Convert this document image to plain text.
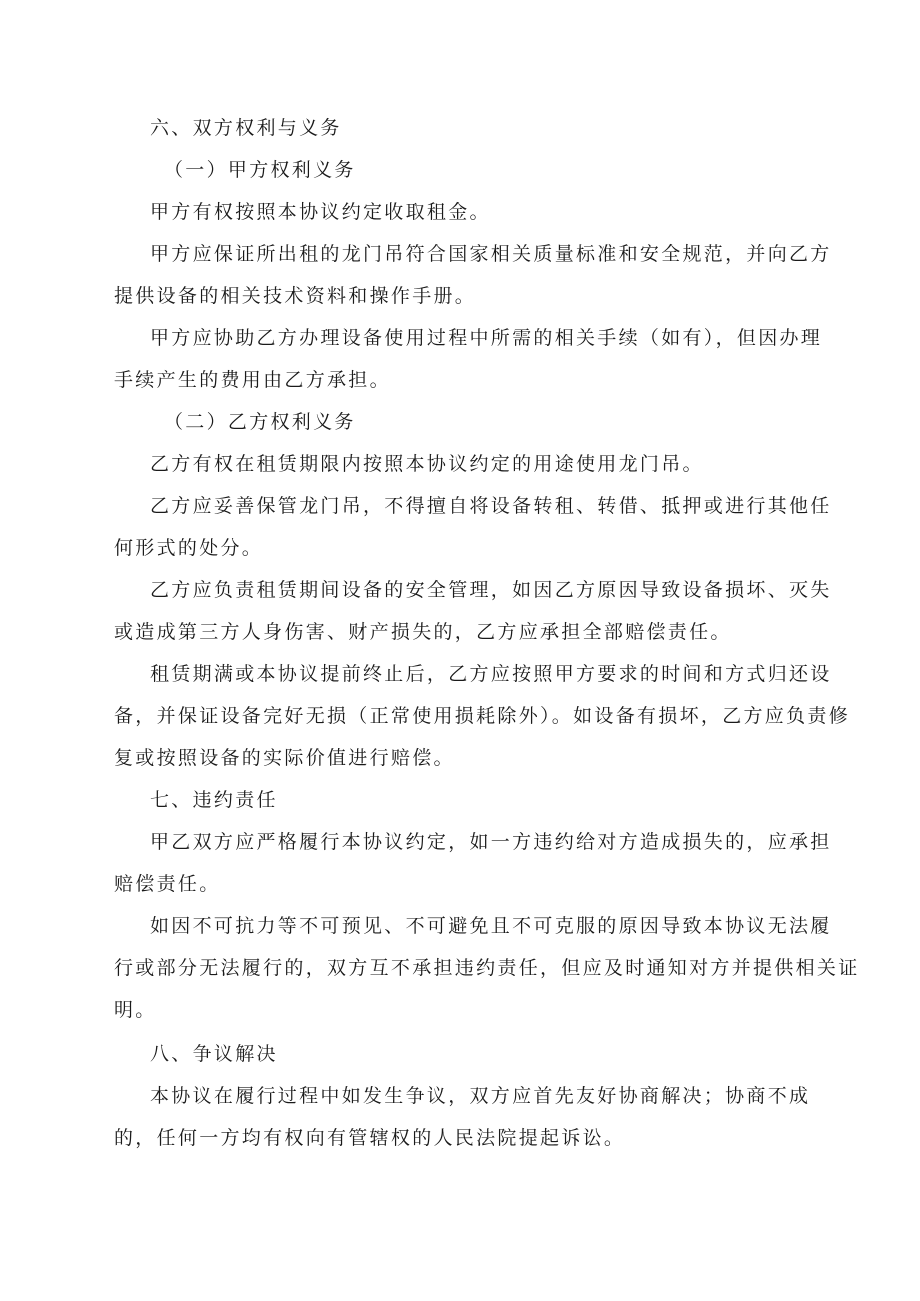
六、双方权利与义务
（一）甲方权利义务
甲方有权按照本协议约定收取租金。
甲方应保证所出租的龙门吊符合国家相关质量标准和安全规范，并向乙方
提供设备的相关技术资料和操作手册。
甲方应协助乙方办理设备使用过程中所需的相关手续（如有），但因办理
手续产生的费用由乙方承担。
（二）乙方权利义务
乙方有权在租赁期限内按照本协议约定的用途使用龙门吊。
乙方应妥善保管龙门吊，不得擅自将设备转租、转借、抵押或进行其他任
何形式的处分。
乙方应负责租赁期间设备的安全管理，如因乙方原因导致设备损坏、灭失
或造成第三方人身伤害、财产损失的，乙方应承担全部赔偿责任。
租赁期满或本协议提前终止后，乙方应按照甲方要求的时间和方式归还设
备，并保证设备完好无损（正常使用损耗除外）。如设备有损坏，乙方应负责修
复或按照设备的实际价值进行赔偿。
七、违约责任
甲乙双方应严格履行本协议约定，如一方违约给对方造成损失的，应承担
赔偿责任。
如因不可抗力等不可预见、不可避免且不可克服的原因导致本协议无法履
行或部分无法履行的，双方互不承担违约责任，但应及时通知对方并提供相关证
明。
八、争议解决
本协议在履行过程中如发生争议，双方应首先友好协商解决；协商不成
的，任何一方均有权向有管辖权的人民法院提起诉讼。
